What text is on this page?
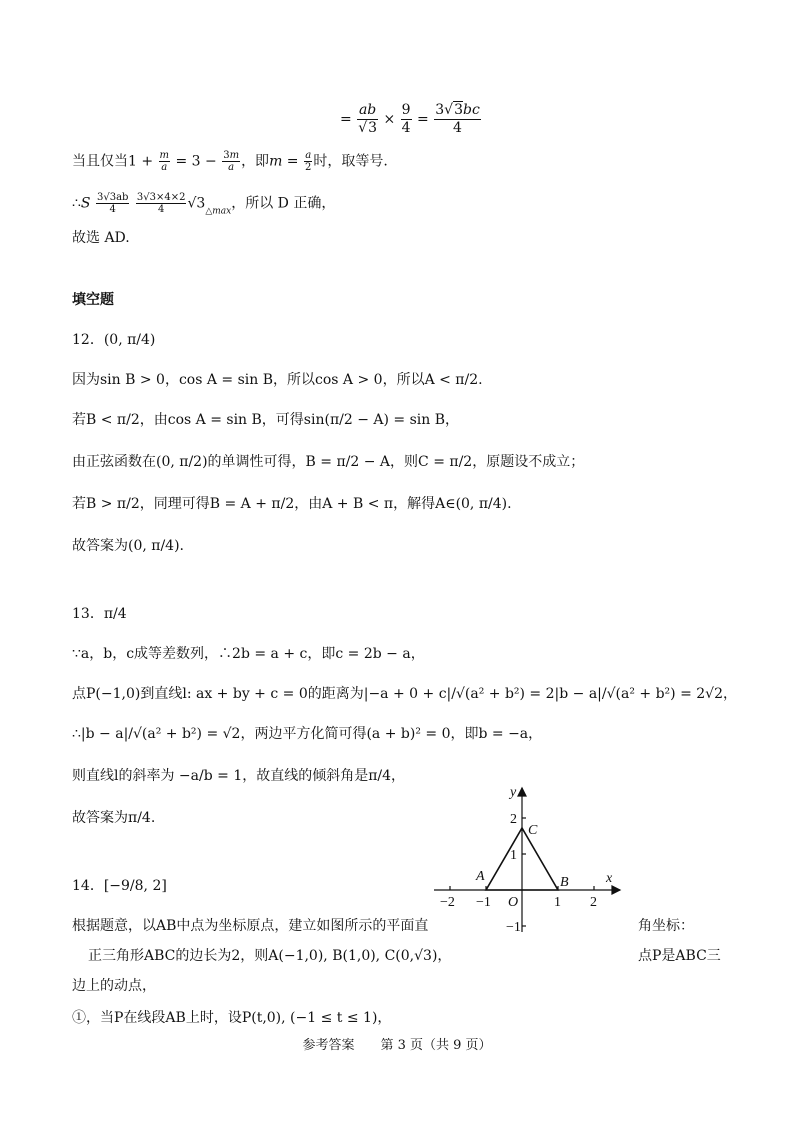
= $\frac{ab}{√3} \times \frac{9}{4} = \frac{3√3bc}{4}$
当且仅当$1 + \frac{m}{a} = 3 - \frac{3m}{a}$ ，即$m = \frac{a}{2}$ 时，取等号.
∴S $\frac{3√3ab}{4}$
$\frac{3√3\times 4\times 2}{4} √3_{\triangle max}$，所以 D 正确，
故选 AD.
填空题
12．(0, π/4)
因为sin B > 0，cos A = sin B，所以cos A > 0，所以A < π/2.
若B < π/2，由cos A = sin B，可得sin(π/2 − A) = sin B，
由正弦函数在(0, π/2)的单调性可得，B = π/2 − A，则C = π/2，原题设不成立；
若B > π/2，同理可得B = A + π/2，由A + B < π，解得A∈(0, π/4).
故答案为(0, π/4).
13．π/4
∵a，b，c成等差数列，∴2b = a + c，即c = 2b − a，
点P(−1,0)到直线l: ax + by + c = 0的距离为|−a + 0 + c|/√(a² + b²) = 2|b − a|/√(a² + b²) = 2√2，
∴|b − a|/√(a² + b²) = √2，两边平方化简可得(a + b)² = 0，即b = −a，
则直线l的斜率为 −a/b = 1，故直线的倾斜角是π/4，
故答案为π/4.
14．[−9/8, 2]
根据题意，以AB中点为坐标原点，建立如图所示的平面直	角坐标：
正三角形ABC的边长为2，则A(−1,0), B(1,0), C(0,√3)，	点P是ABC三
边上的动点，
①，当P在线段AB上时，设P(t,0), (−1 ≤ t ≤ 1)，
x
y
O
−2 −1	1 2
2
1
−1
A	B
C
参考答案　　第 3 页（共 9 页）
